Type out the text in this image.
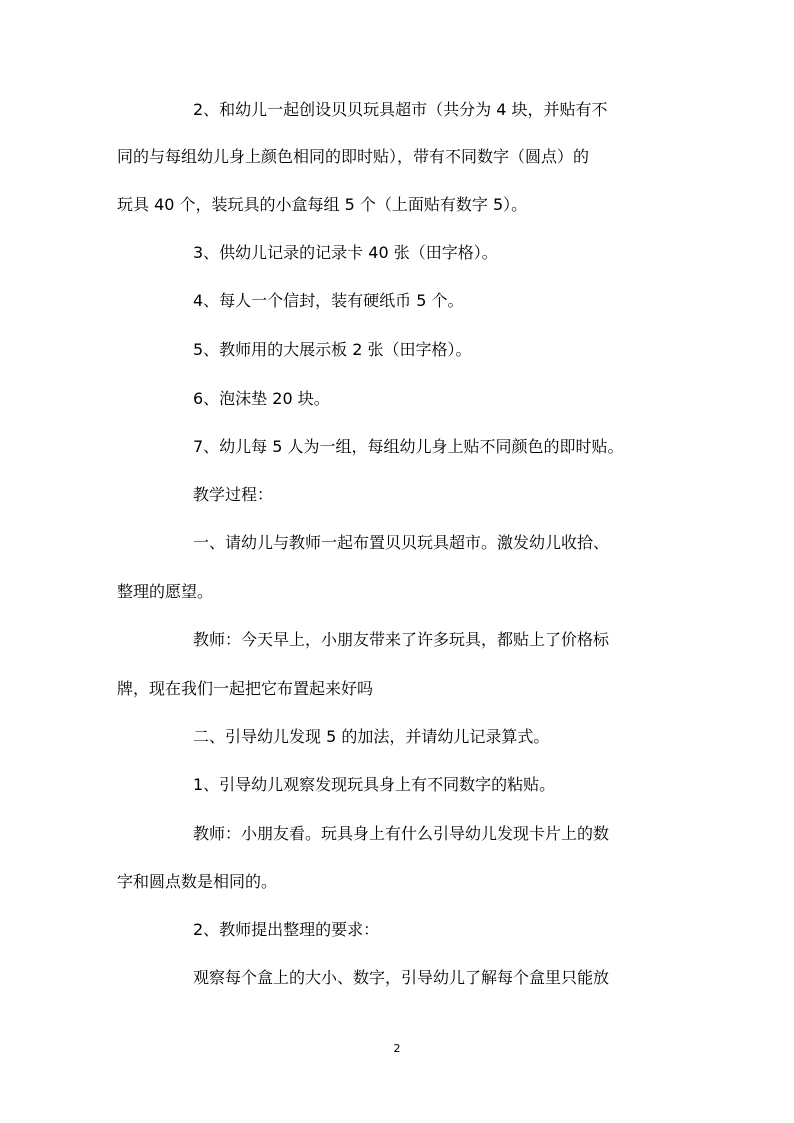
2、和幼儿一起创设贝贝玩具超市（共分为 4 块，并贴有不
同的与每组幼儿身上颜色相同的即时贴），带有不同数字（圆点）的
玩具 40 个，装玩具的小盒每组 5 个（上面贴有数字 5）。
3、供幼儿记录的记录卡 40 张（田字格）。
4、每人一个信封，装有硬纸币 5 个。
5、教师用的大展示板 2 张（田字格）。
6、泡沫垫 20 块。
7、幼儿每 5 人为一组，每组幼儿身上贴不同颜色的即时贴。
教学过程：
一、请幼儿与教师一起布置贝贝玩具超市。激发幼儿收拾、
整理的愿望。
教师：今天早上，小朋友带来了许多玩具，都贴上了价格标
牌，现在我们一起把它布置起来好吗
二、引导幼儿发现 5 的加法，并请幼儿记录算式。
1、引导幼儿观察发现玩具身上有不同数字的粘贴。
教师：小朋友看。玩具身上有什么引导幼儿发现卡片上的数
字和圆点数是相同的。
2、教师提出整理的要求：
观察每个盒上的大小、数字，引导幼儿了解每个盒里只能放
2
